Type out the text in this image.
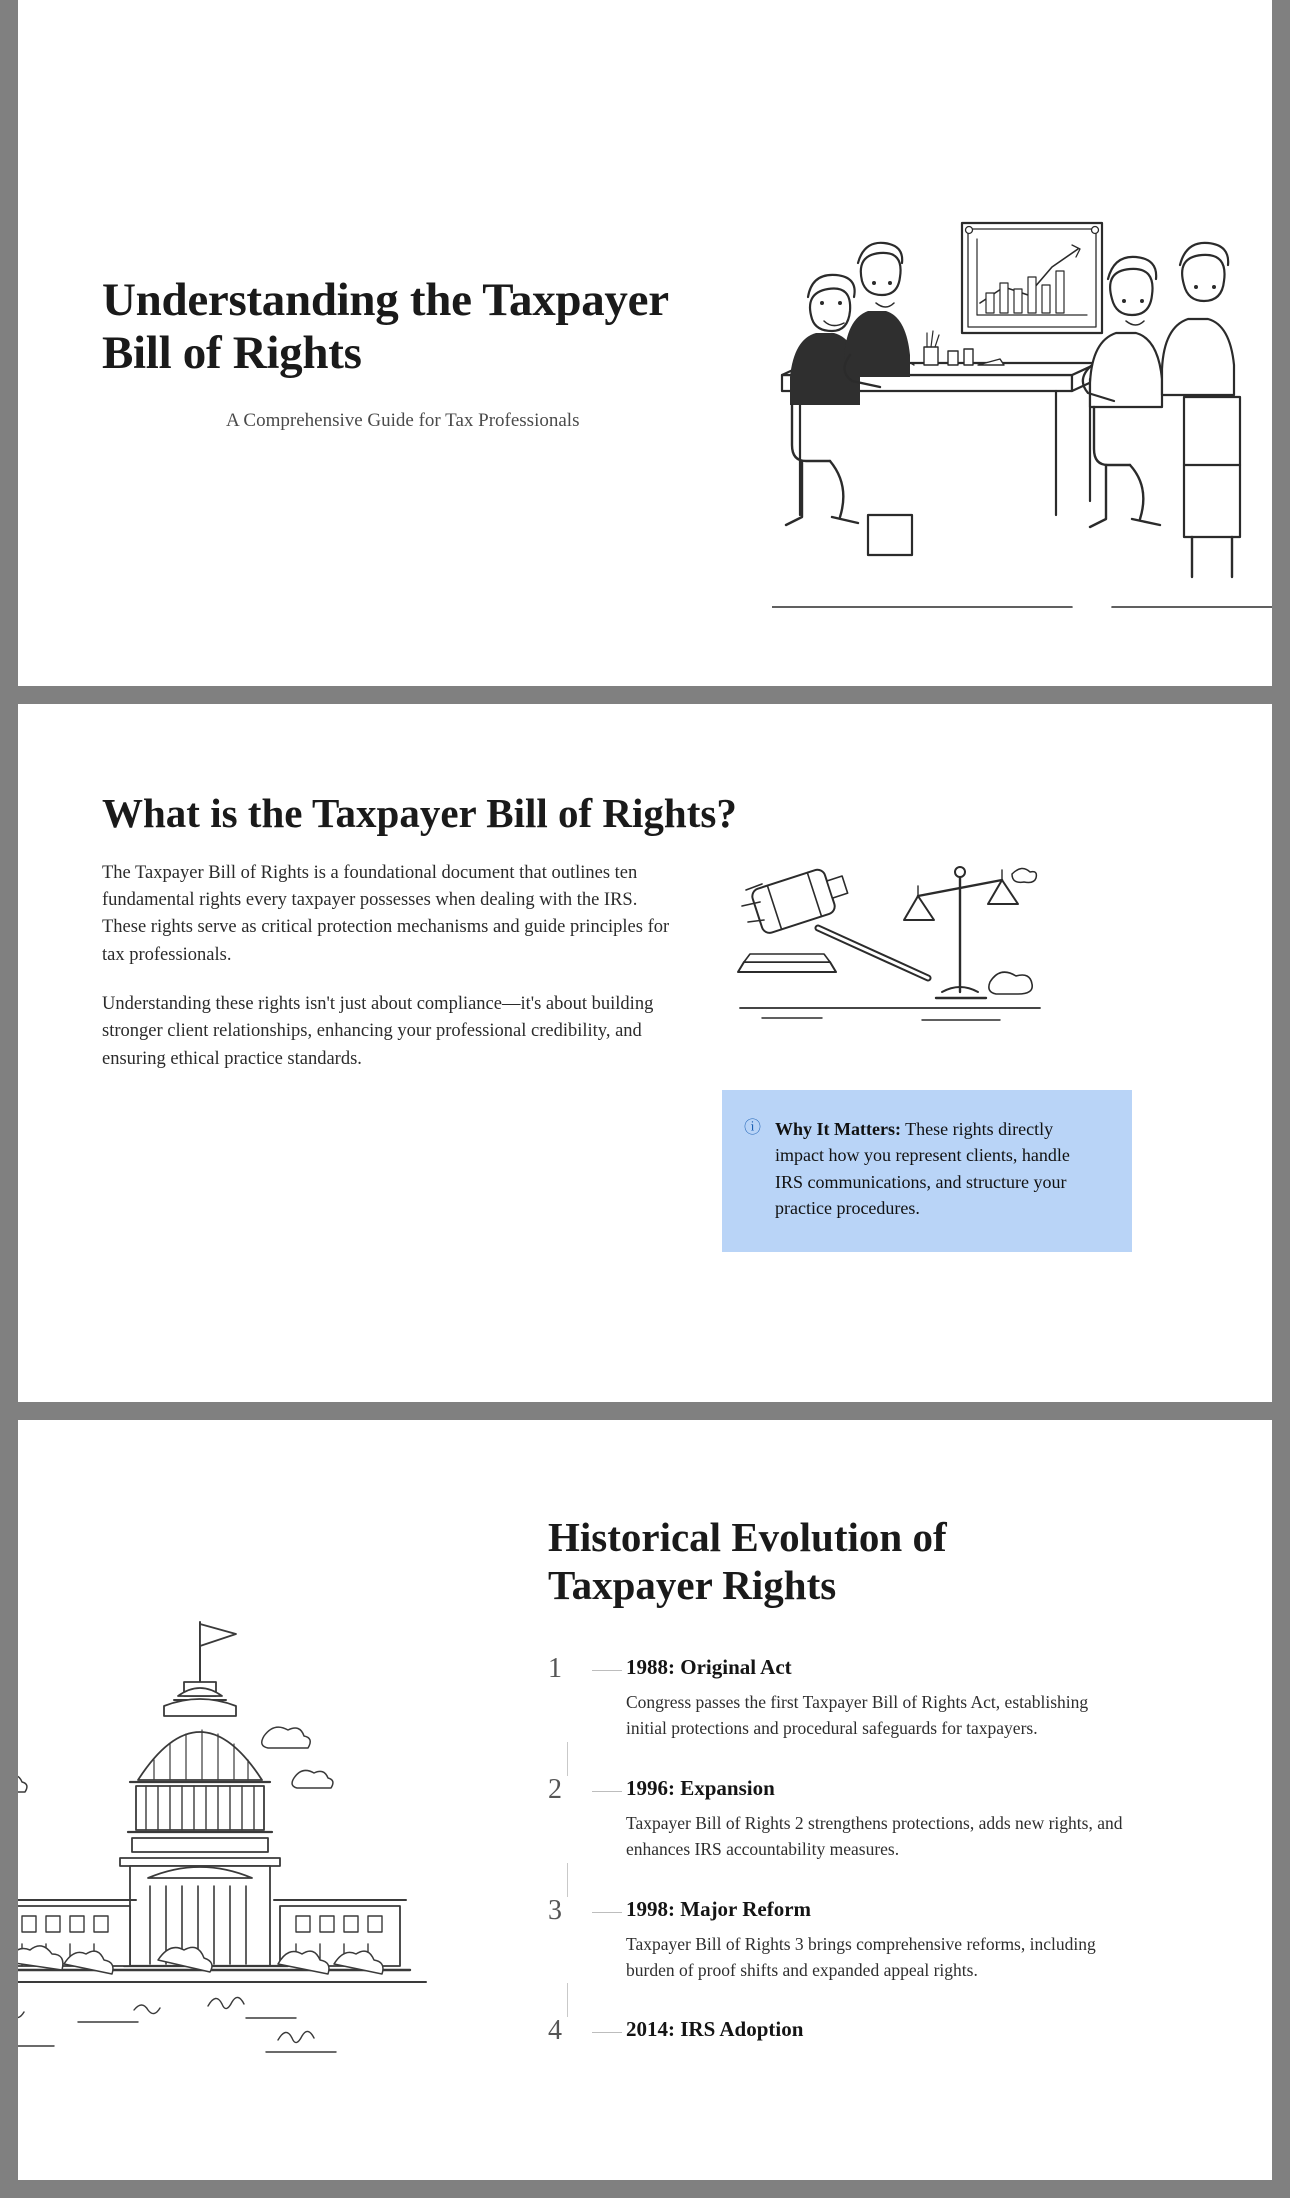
Understanding the Taxpayer Bill of Rights
A Comprehensive Guide for Tax Professionals
What is the Taxpayer Bill of Rights?

The Taxpayer Bill of Rights is a foundational document that outlines ten fundamental rights every taxpayer possesses when dealing with the IRS. These rights serve as critical protection mechanisms and guide principles for tax professionals.

Understanding these rights isn't just about compliance—it's about building stronger client relationships, enhancing your professional credibility, and ensuring ethical practice standards.

ⓘ Why It Matters: These rights directly impact how you represent clients, handle IRS communications, and structure your practice procedures.
Historical Evolution of Taxpayer Rights
1	1988: Original Act

Congress passes the first Taxpayer Bill of Rights Act, establishing initial protections and procedural safeguards for taxpayers.

2	1996: Expansion

Taxpayer Bill of Rights 2 strengthens protections, adds new rights, and enhances IRS accountability measures.

3	1998: Major Reform

Taxpayer Bill of Rights 3 brings comprehensive reforms, including burden of proof shifts and expanded appeal rights.

4	2014: IRS Adoption
